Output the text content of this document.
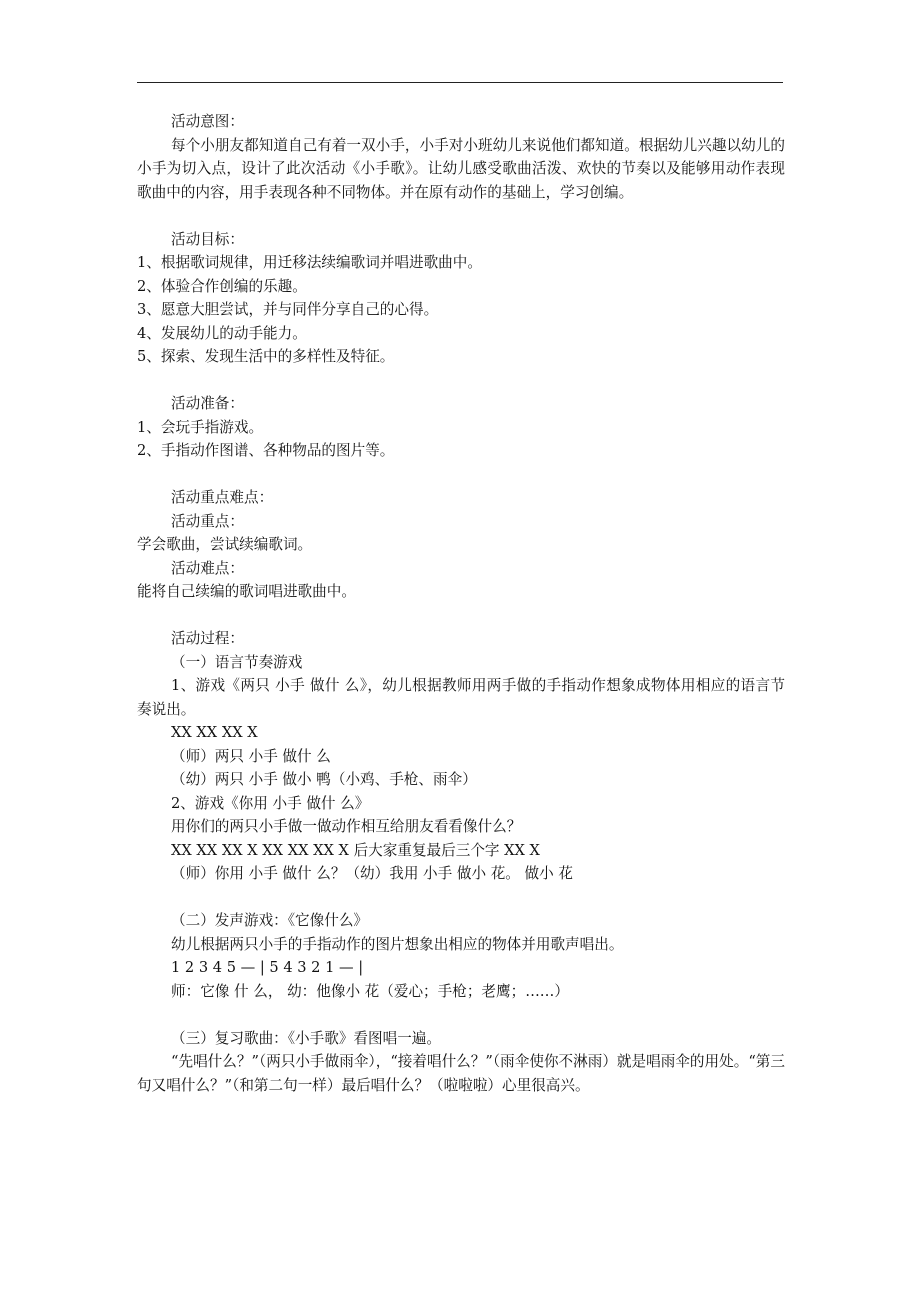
活动意图：
每个小朋友都知道自己有着一双小手，小手对小班幼儿来说他们都知道。根据幼儿兴趣以幼儿的小手为切入点，设计了此次活动《小手歌》。让幼儿感受歌曲活泼、欢快的节奏以及能够用动作表现歌曲中的内容，用手表现各种不同物体。并在原有动作的基础上，学习创编。
活动目标：
1、根据歌词规律，用迁移法续编歌词并唱进歌曲中。
2、体验合作创编的乐趣。
3、愿意大胆尝试，并与同伴分享自己的心得。
4、发展幼儿的动手能力。
5、探索、发现生活中的多样性及特征。
活动准备：
1、会玩手指游戏。
2、手指动作图谱、各种物品的图片等。
活动重点难点：
活动重点：
学会歌曲，尝试续编歌词。
活动难点：
能将自己续编的歌词唱进歌曲中。
活动过程：
（一）语言节奏游戏
1、游戏《两只 小手 做什 么》，幼儿根据教师用两手做的手指动作想象成物体用相应的语言节奏说出。
XX XX XX X
（师）两只 小手 做什 么
（幼）两只 小手 做小 鸭（小鸡、手枪、雨伞）
2、游戏《你用 小手 做什 么》
用你们的两只小手做一做动作相互给朋友看看像什么？
XX XX XX X XX XX XX X 后大家重复最后三个字 XX X
（师）你用 小手 做什 么？（幼）我用 小手 做小 花。 做小 花
（二）发声游戏：《它像什么》
幼儿根据两只小手的手指动作的图片想象出相应的物体并用歌声唱出。
1 2 3 4 5 — | 5 4 3 2 1 — |
师：它像 什 么， 幼：他像小 花（爱心；手枪；老鹰；……）
（三）复习歌曲：《小手歌》看图唱一遍。
“先唱什么？”（两只小手做雨伞），“接着唱什么？”（雨伞使你不淋雨）就是唱雨伞的用处。“第三句又唱什么？”（和第二句一样）最后唱什么？（啦啦啦）心里很高兴。
